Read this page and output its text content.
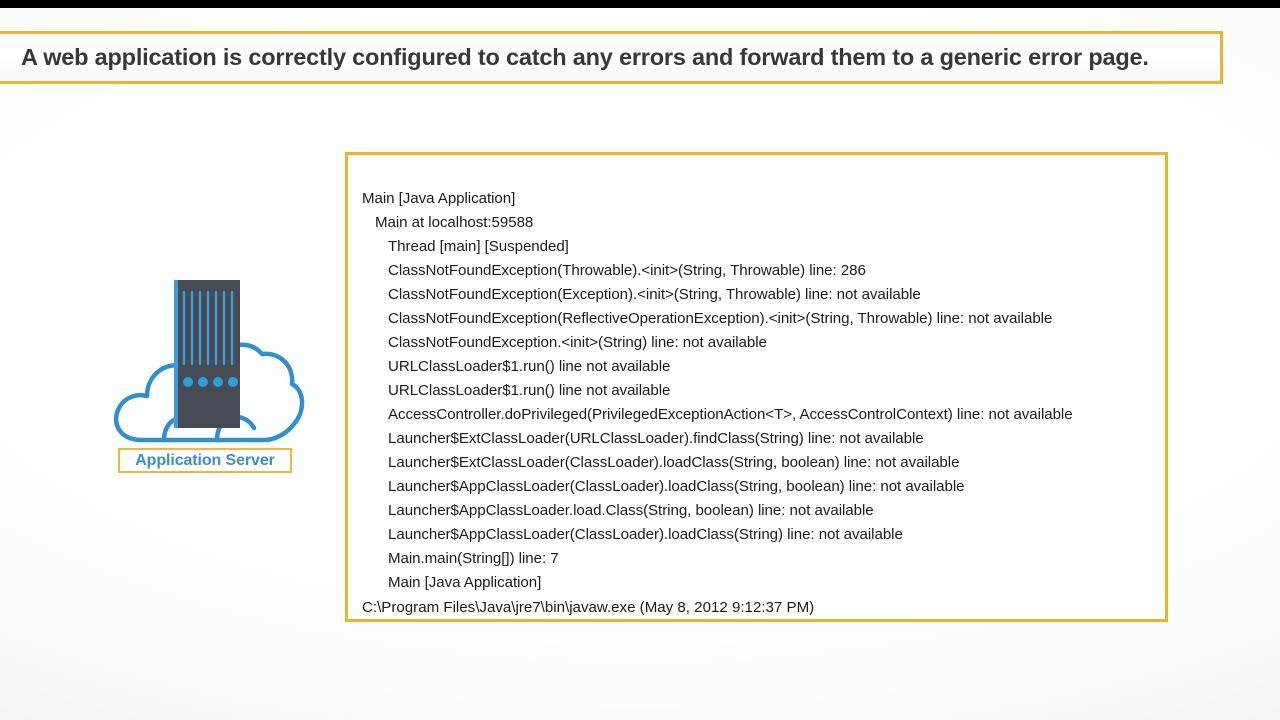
A web application is correctly configured to catch any errors and forward them to a generic error page.
Application Server
Main [Java Application]
Main at localhost:59588
Thread [main] [Suspended]
ClassNotFoundException(Throwable).<init>(String, Throwable) line: 286
ClassNotFoundException(Exception).<init>(String, Throwable) line: not available
ClassNotFoundException(ReflectiveOperationException).<init>(String, Throwable) line: not available
ClassNotFoundException.<init>(String) line: not available
URLClassLoader$1.run() line not available
URLClassLoader$1.run() line not available
AccessController.doPrivileged(PrivilegedExceptionAction<T>, AccessControlContext) line: not available
Launcher$ExtClassLoader(URLClassLoader).findClass(String) line: not available
Launcher$ExtClassLoader(ClassLoader).loadClass(String, boolean) line: not available
Launcher$AppClassLoader(ClassLoader).loadClass(String, boolean) line: not available
Launcher$AppClassLoader.load.Class(String, boolean) line: not available
Launcher$AppClassLoader(ClassLoader).loadClass(String) line: not available
Main.main(String[]) line: 7
Main [Java Application]
C:\Program Files\Java\jre7\bin\javaw.exe (May 8, 2012 9:12:37 PM)
